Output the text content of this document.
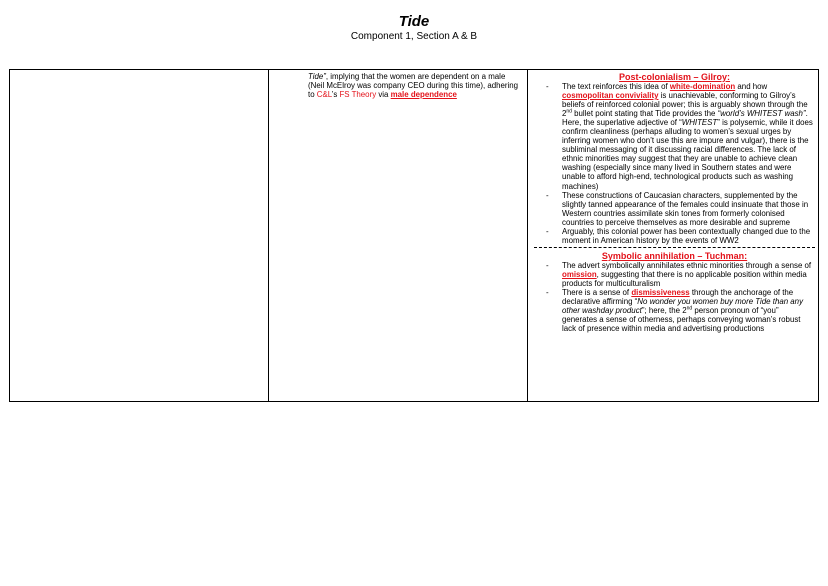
Tide
Component 1, Section A & B

Tide”, implying that the women are dependent on a male (Neil McElroy was company CEO during this time), adhering to C&L’s FS Theory via male dependence

Post-colonialism – Gilroy:

- The text reinforces this idea of white-domination and how cosmopolitan conviviality is unachievable, conforming to Gilroy’s beliefs of reinforced colonial power; this is arguably shown through the 2nd bullet point stating that Tide provides the “world’s WHITEST wash”. Here, the superlative adjective of “WHITEST” is polysemic, while it does confirm cleanliness (perhaps alluding to women’s sexual urges by inferring women who don’t use this are impure and vulgar), there is the subliminal messaging of it discussing racial differences. The lack of ethnic minorities may suggest that they are unable to achieve clean washing (especially since many lived in Southern states and were unable to afford high-end, technological products such as washing machines)
- These constructions of Caucasian characters, supplemented by the slightly tanned appearance of the females could insinuate that those in Western countries assimilate skin tones from formerly colonised countries to perceive themselves as more desirable and supreme
- Arguably, this colonial power has been contextually changed due to the moment in American history by the events of WW2

Symbolic annihilation – Tuchman:

- The advert symbolically annihilates ethnic minorities through a sense of omission, suggesting that there is no applicable position within media products for multiculturalism
- There is a sense of dismissiveness through the anchorage of the declarative affirming “No wonder you women buy more Tide than any other washday product”; here, the 2nd person pronoun of “you” generates a sense of otherness, perhaps conveying woman’s robust lack of presence within media and advertising productions
